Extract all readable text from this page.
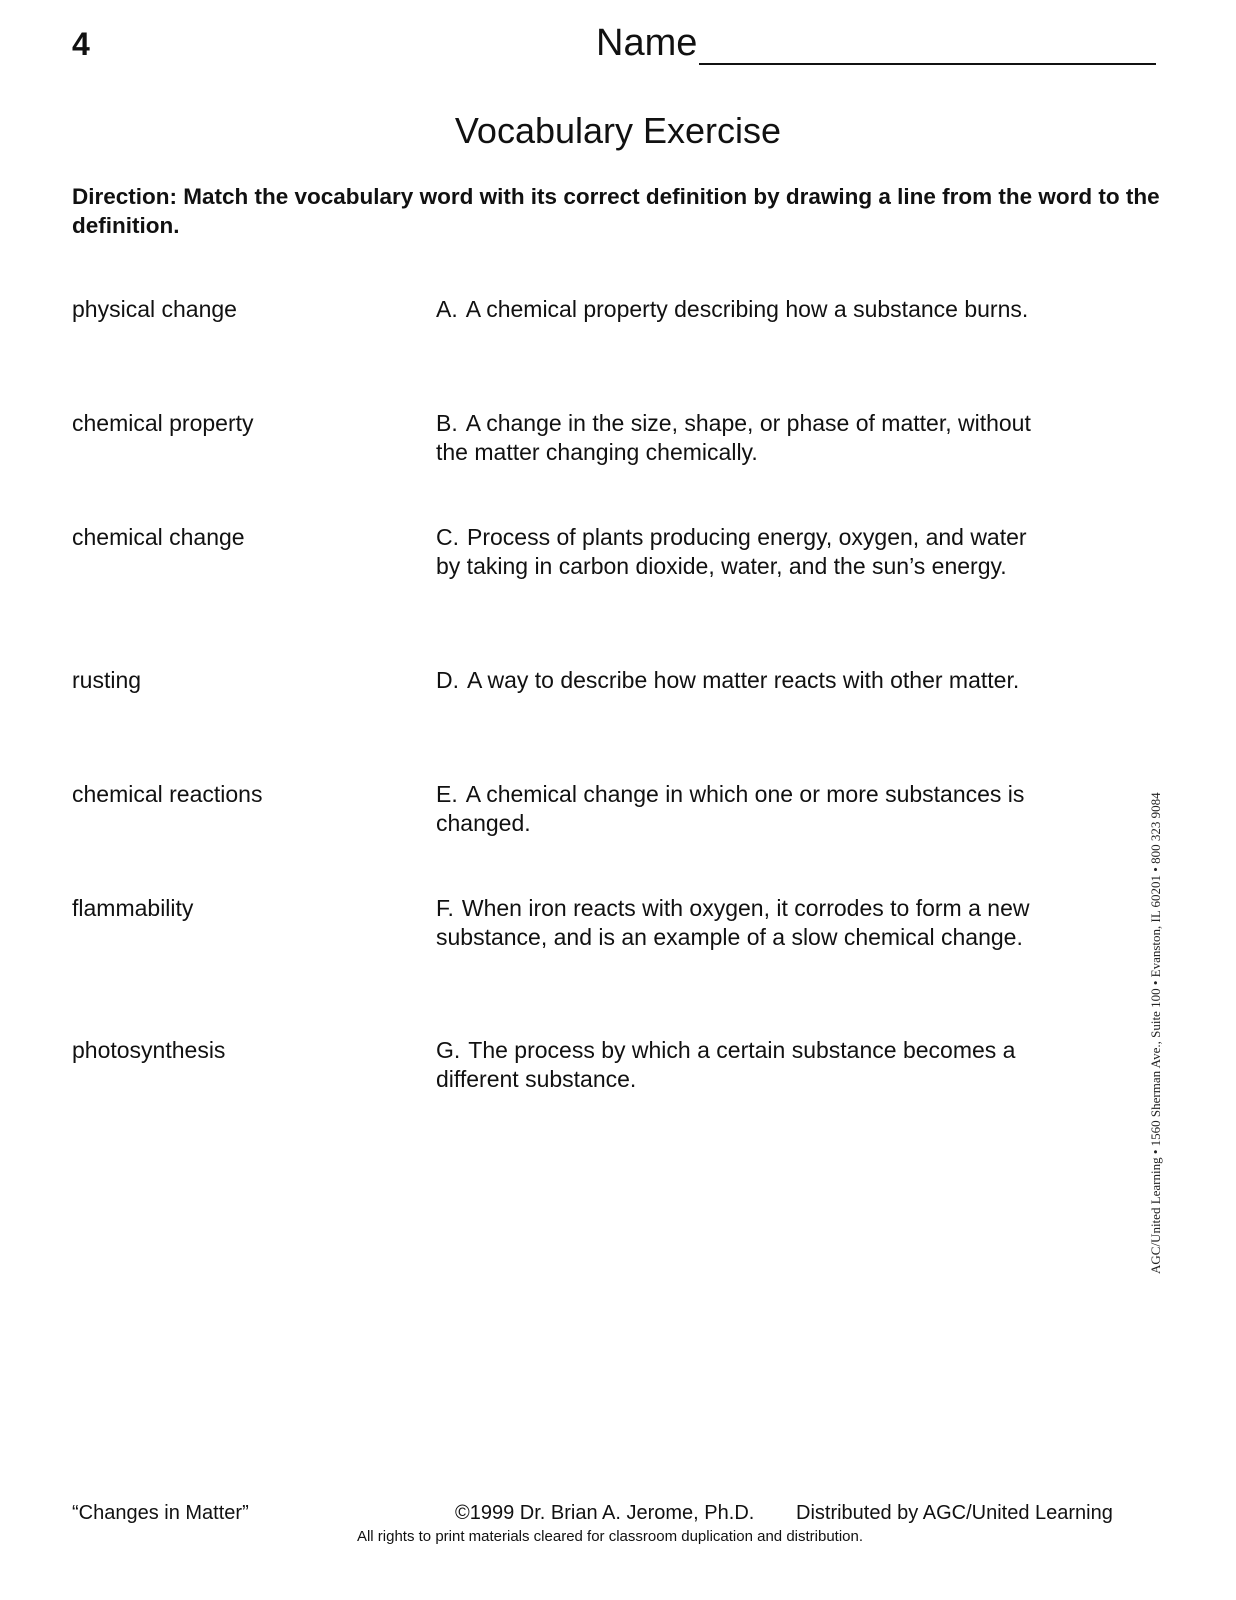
4	Name
Vocabulary Exercise
Direction: Match the vocabulary word with its correct definition by drawing a line from the word to the definition.
physical change	A. A chemical property describing how a substance burns.
chemical property	B. A change in the size, shape, or phase of matter, without the matter changing chemically.
chemical change	C. Process of plants producing energy, oxygen, and water by taking in carbon dioxide, water, and the sun’s energy.
rusting	D. A way to describe how matter reacts with other matter.
chemical reactions	E. A chemical change in which one or more substances is changed.
flammability	F. When iron reacts with oxygen, it corrodes to form a new substance, and is an example of a slow chemical change.
photosynthesis	G. The process by which a certain substance becomes a different substance.	AGC/United Learning • 1560 Sherman Ave., Suite 100 • Evanston, IL 60201 • 800 323 9084
“Changes in Matter”	©1999 Dr. Brian A. Jerome, Ph.D. Distributed by AGC/United Learning
All rights to print materials cleared for classroom duplication and distribution.
